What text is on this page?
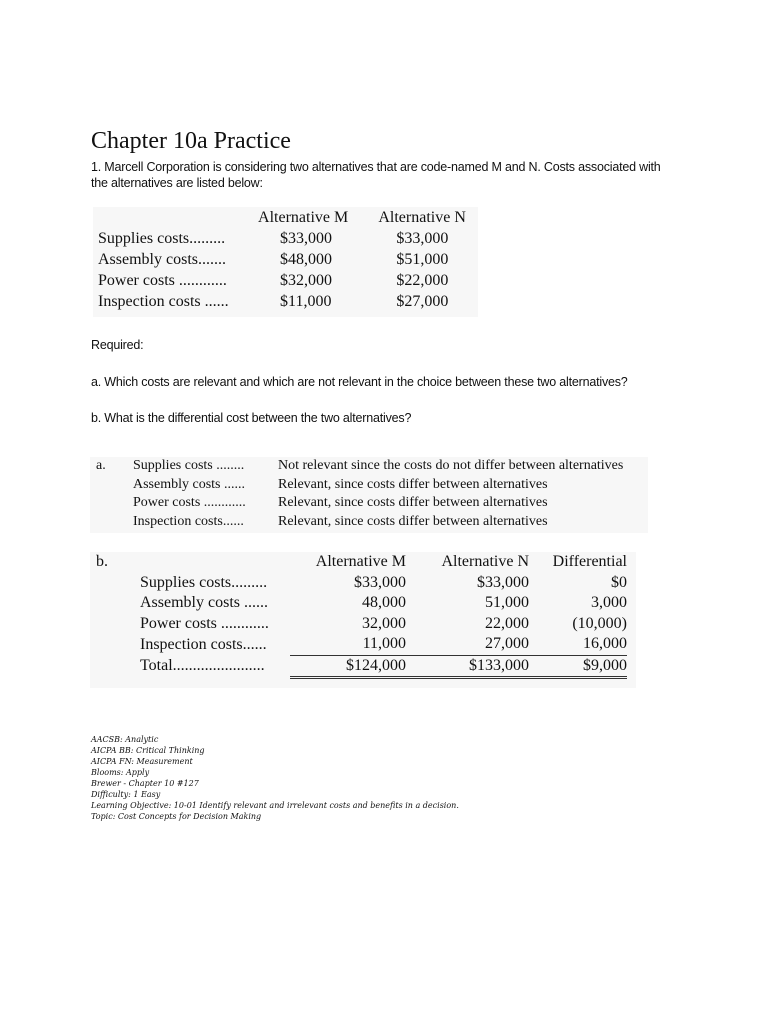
Chapter 10a Practice
1. Marcell Corporation is considering two alternatives that are code-named M and N. Costs associated with the alternatives are listed below:
	Alternative M	Alternative N
Supplies costs.........	$33,000	$33,000
Assembly costs.......	$48,000	$51,000
Power costs ............	$32,000	$22,000
Inspection costs ......	$11,000	$27,000
Required:
a. Which costs are relevant and which are not relevant in the choice between these two alternatives?
b. What is the differential cost between the two alternatives?
a.	Supplies costs ........	Not relevant since the costs do not differ between alternatives
	Assembly costs ......	Relevant, since costs differ between alternatives
	Power costs ............	Relevant, since costs differ between alternatives
	Inspection costs......	Relevant, since costs differ between alternatives
b.		Alternative M	Alternative N	Differential
	Supplies costs.........	$33,000	$33,000	$0
	Assembly costs ......	48,000	51,000	3,000
	Power costs ............	32,000	22,000	(10,000)
	Inspection costs......	11,000	27,000	16,000
	Total.......................	$124,000	$133,000	$9,000
AACSB: Analytic
AICPA BB: Critical Thinking
AICPA FN: Measurement
Blooms: Apply
Brewer - Chapter 10 #127
Difficulty: 1 Easy
Learning Objective: 10-01 Identify relevant and irrelevant costs and benefits in a decision.
Topic: Cost Concepts for Decision Making
